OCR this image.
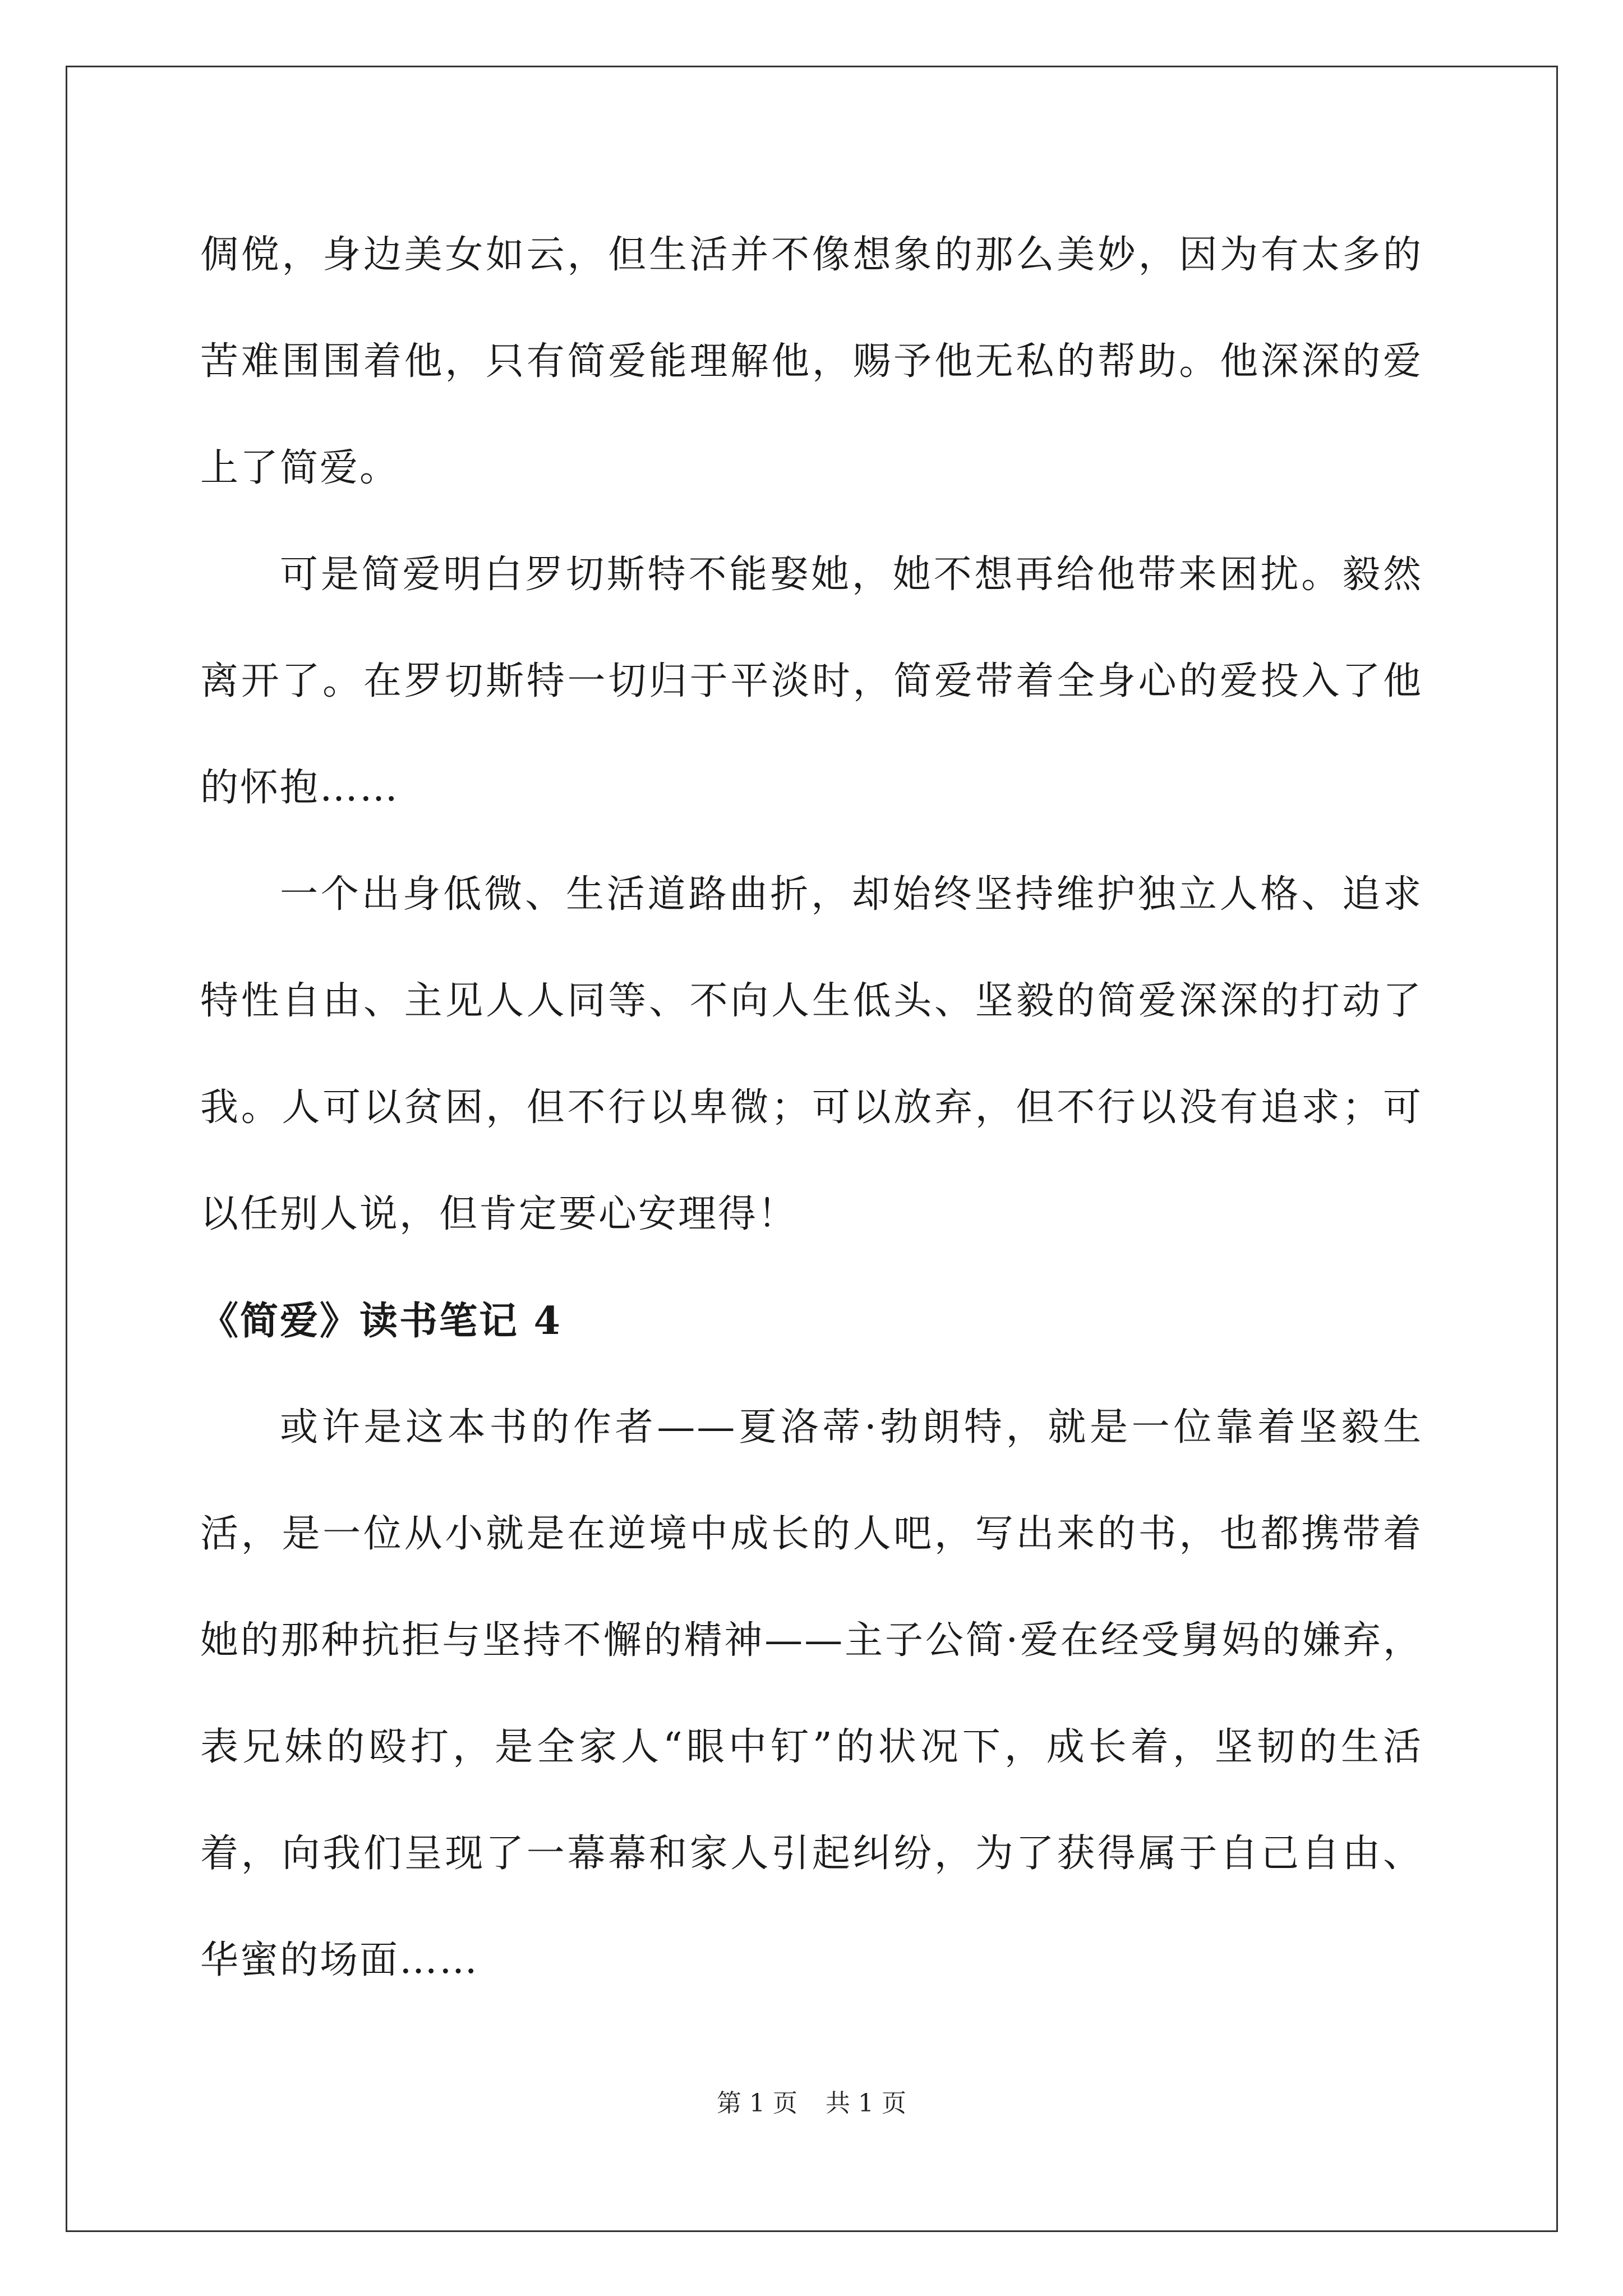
倜傥，身边美女如云，但生活并不像想象的那么美妙，因为有太多的苦难围围着他，只有简爱能理解他，赐予他无私的帮助。他深深的爱上了简爱。

可是简爱明白罗切斯特不能娶她，她不想再给他带来困扰。毅然离开了。在罗切斯特一切归于平淡时，简爱带着全身心的爱投入了他的怀抱……

一个出身低微、生活道路曲折，却始终坚持维护独立人格、追求特性自由、主见人人同等、不向人生低头、坚毅的简爱深深的打动了我。人可以贫困，但不行以卑微；可以放弃，但不行以没有追求；可以任别人说，但肯定要心安理得！

《简爱》读书笔记 4

或许是这本书的作者——夏洛蒂·勃朗特，就是一位靠着坚毅生活，是一位从小就是在逆境中成长的人吧，写出来的书，也都携带着她的那种抗拒与坚持不懈的精神——主子公简·爱在经受舅妈的嫌弃，表兄妹的殴打，是全家人“眼中钉”的状况下，成长着，坚韧的生活着，向我们呈现了一幕幕和家人引起纠纷，为了获得属于自己自由、华蜜的场面……

第 1 页 共 1 页
